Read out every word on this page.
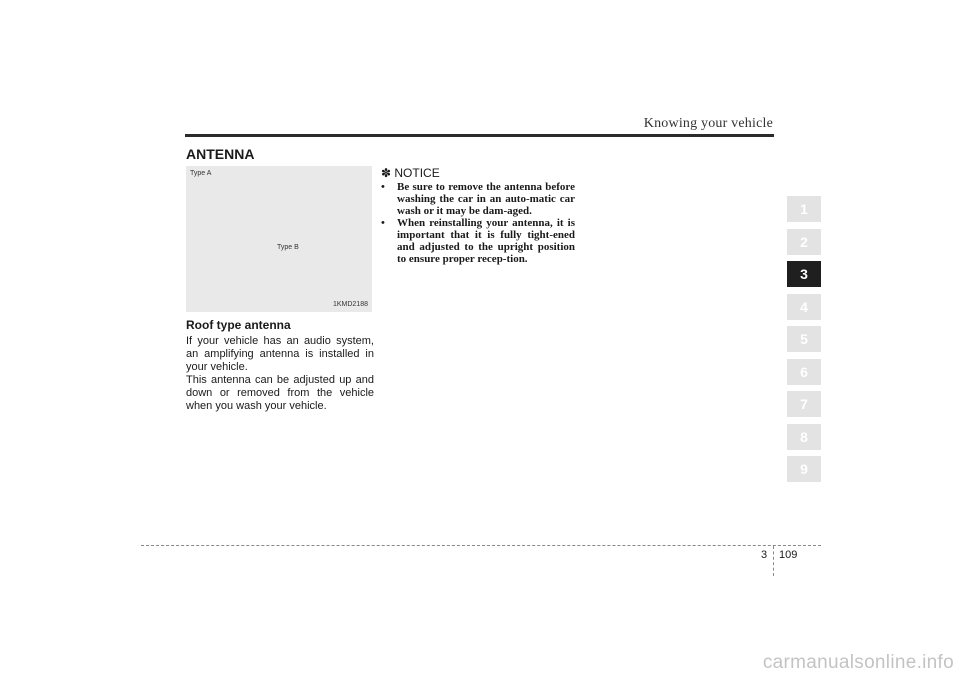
Knowing your vehicle
ANTENNA
Type A
Type B
1KMD2188
Roof type antenna
If your vehicle has an audio system, an amplifying antenna is installed in your vehicle.
This antenna can be adjusted up and down or removed from the vehicle when you wash your vehicle.
✽ NOTICE
• Be sure to remove the antenna before washing the car in an auto-matic car wash or it may be dam-aged.
• When reinstalling your antenna, it is important that it is fully tight-ened and adjusted to the upright position to ensure proper recep-tion.
1
2
3
4
5
6
7
8
9
3 109
carmanualsonline.info
